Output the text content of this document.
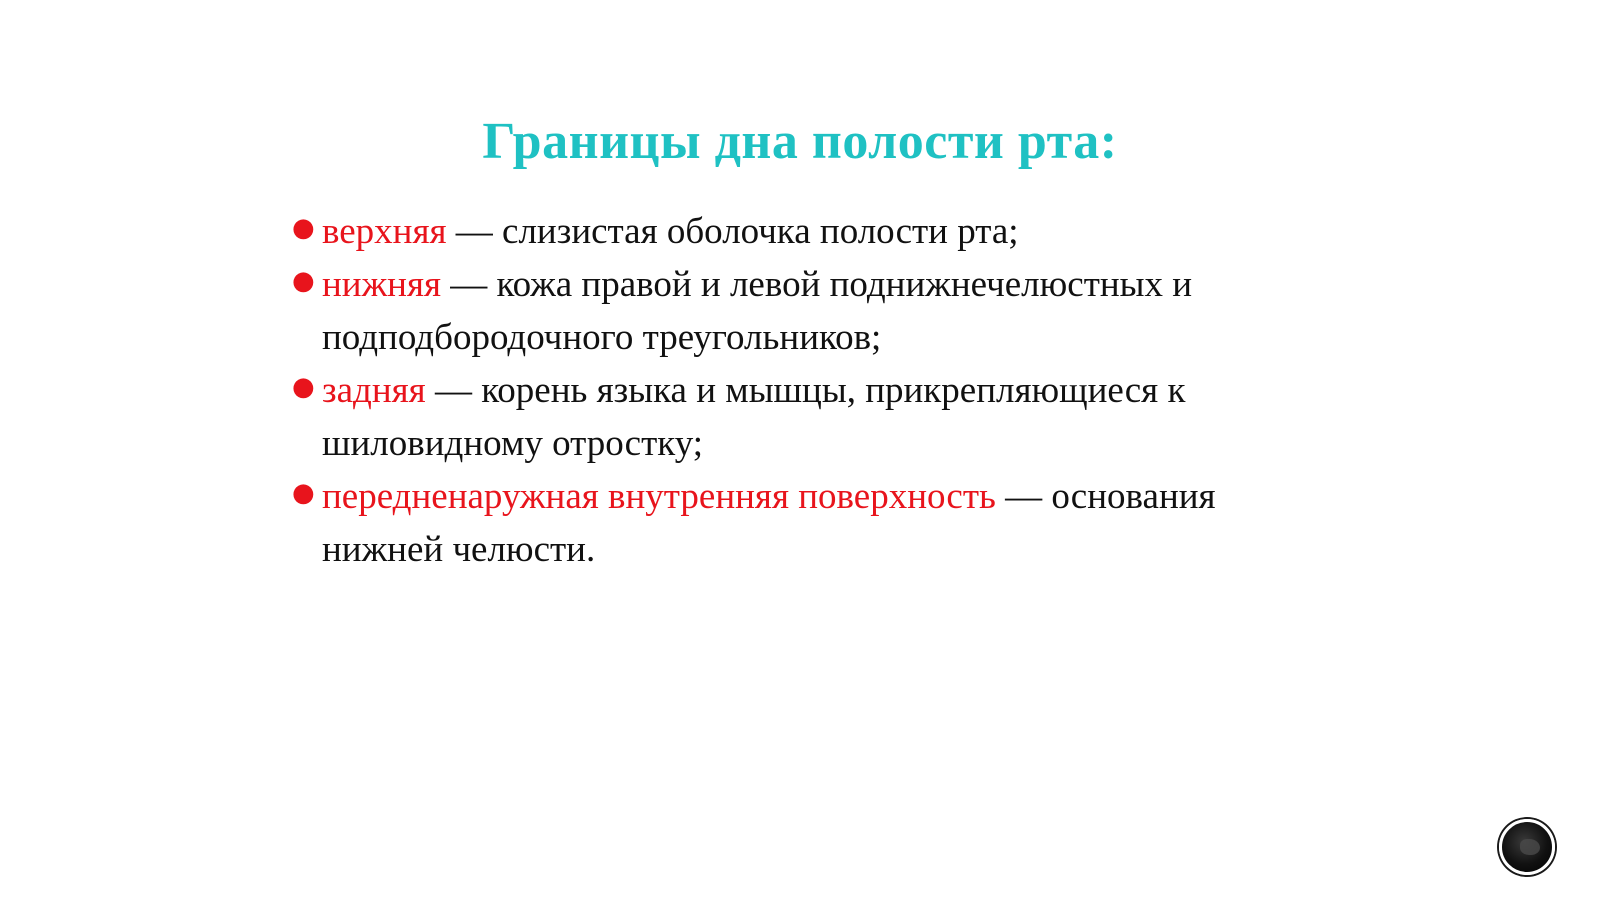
Границы дна полости рта:
● верхняя — слизистая оболочка полости рта;
● нижняя — кожа правой и левой поднижнечелюстных и подподбородочного треугольников;
● задняя — корень языка и мышцы, прикрепляющиеся к шиловидному отростку;
● передненаружная внутренняя поверхность — основания нижней челюсти.
